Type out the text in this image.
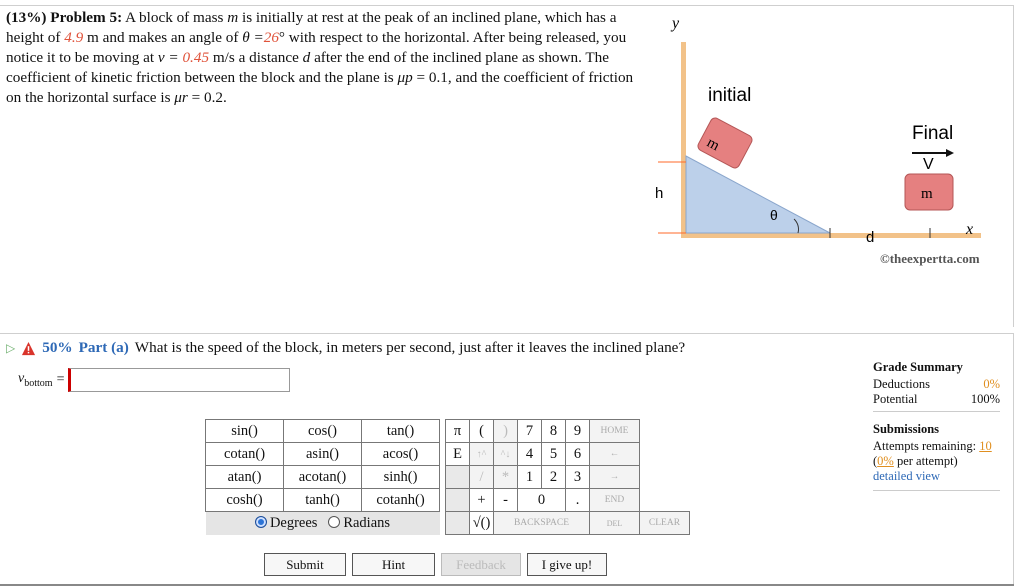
(13%) Problem 5: A block of mass m is initially at rest at the peak of an inclined plane, which has a height of 4.9 m and makes an angle of θ =26° with respect to the horizontal. After being released, you notice it to be moving at v = 0.45 m/s a distance d after the end of the inclined plane as shown. The coefficient of kinetic friction between the block and the plane is μp = 0.1, and the coefficient of friction on the horizontal surface is μr = 0.2.
h
d
θ
m
initial
m
Final
V
y
x
©theexpertta.com
▷ 50% Part (a) What is the speed of the block, in meters per second, just after it leaves the inclined plane?
$v_{bottom}$ =
sin()	cos()	tan()		π	(	)	7	8	9	HOME	
cotan()	asin()	acos()		E	↑^	^↓	4	5	6	←	
atan()	acotan()	sinh()			/	*	1	2	3	→	
cosh()	tanh()	cotanh()			+	-	0		.	END	
Degrees Radians					√()	BACKSPACE				DEL	CLEAR
Submit	Hint	Feedback	I give up!
Grade Summary
Deductions	0%
Potential	100%
Submissions
Attempts remaining: 10
(0% per attempt)
detailed view
